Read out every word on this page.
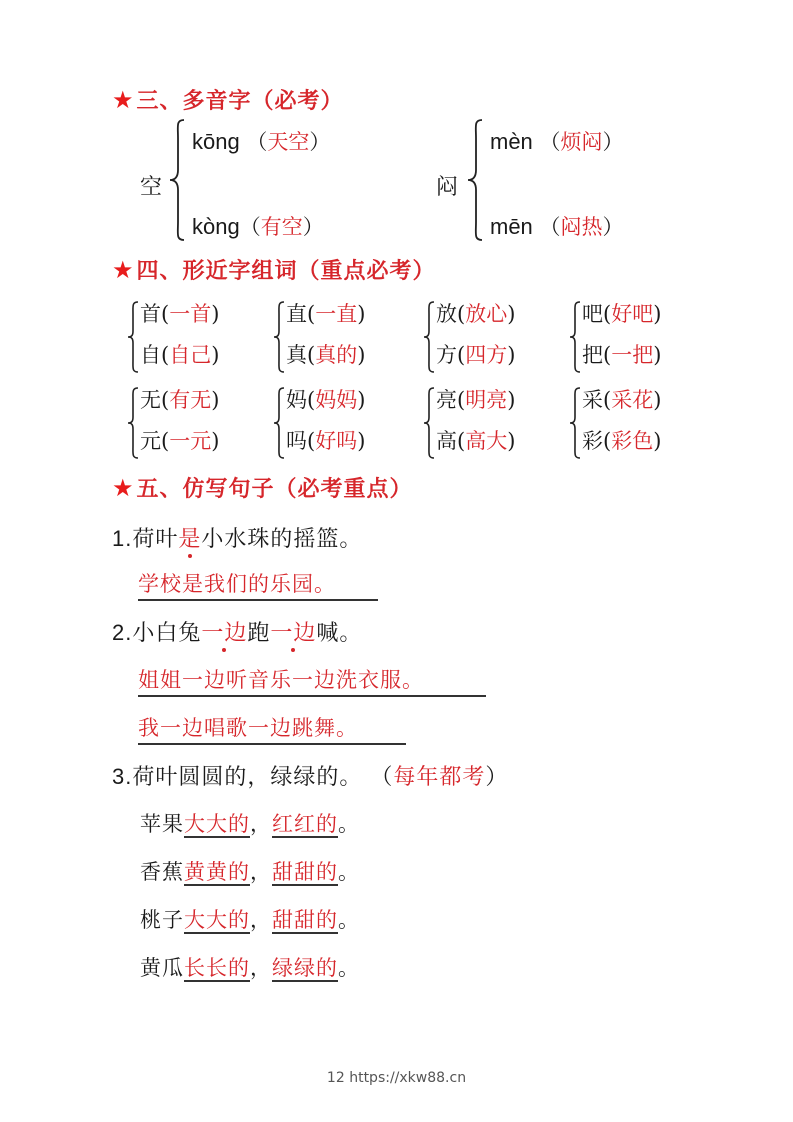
★三、多音字（必考）
空
kōng （天空）
kòng（有空）
闷
mèn （烦闷）
mēn （闷热）
★四、形近字组词（重点必考）
首(一首)
自(自己)
直(一直)
真(真的)
放(放心)
方(四方)
吧(好吧)
把(一把)
无(有无)
元(一元)
妈(妈妈)
吗(好吗)
亮(明亮)
高(高大)
采(采花)
彩(彩色)
★五、仿写句子（必考重点）
1.荷叶是小水珠的摇篮。
学校是我们的乐园。
2.小白兔一边跑一边喊。
姐姐一边听音乐一边洗衣服。
我一边唱歌一边跳舞。
3.荷叶圆圆的，绿绿的。 （每年都考）
苹果大大的，红红的。
香蕉黄黄的，甜甜的。
桃子大大的，甜甜的。
黄瓜长长的，绿绿的。
12 https://xkw88.cn
